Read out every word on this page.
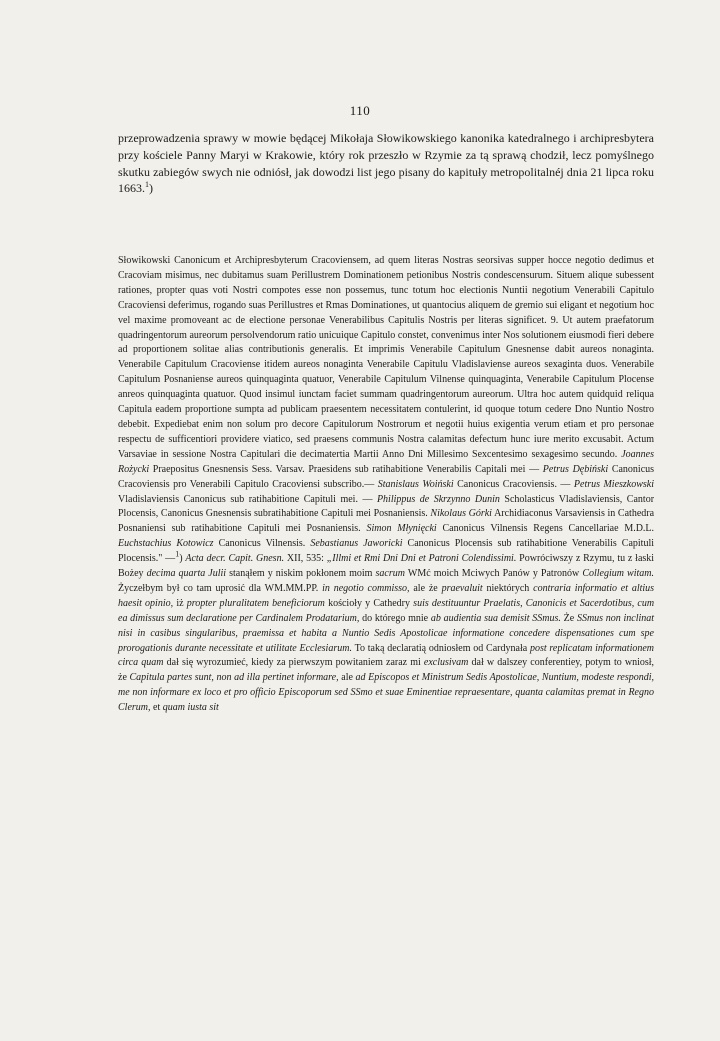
110

przeprowadzenia sprawy w mowie będącej Mikołaja Słowikowskiego kanonika katedralnego i archipresbytera przy kościele Panny Maryi w Krakowie, który rok przeszło w Rzymie za tą sprawą chodził, lecz pomyślnego skutku zabiegów swych nie odniósł, jak dowodzi list jego pisany do kapituły metropolitalnéj dnia 21 lipca roku 1663.$^1$)

Słowikowski Canonicum et Archipresbyterum Cracoviensem, ad quem literas Nostras seorsivas supper hocce negotio dedimus et Cracoviam misimus, nec dubitamus suam Perillustrem Dominationem petionibus Nostris condescensurum. Situem alique subessent rationes, propter quas voti Nostri compotes esse non possemus, tunc totum hoc electionis Nuntii negotium Venerabili Capitulo Cracoviensi deferimus, rogando suas Perillustres et Rmas Dominationes, ut quantocius aliquem de gremio sui eligant et negotium hoc vel maxime promoveant ac de electione personae Venerabilibus Capitulis Nostris per literas significet. 9. Ut autem praefatorum quadringentorum aureorum persolvendorum ratio unicuique Capitulo constet, convenimus inter Nos solutionem eiusmodi fieri debere ad proportionem solitae alias contributionis generalis. Et imprimis Venerabile Capitulum Gnesnense dabit aureos nonaginta. Venerabile Capitulum Cracoviense itidem aureos nonaginta Venerabile Capitulu Vladislaviense aureos sexaginta duos. Venerabile Capitulum Posnaniense aureos quinquaginta quatuor, Venerabile Capitulum Vilnense quinquaginta, Venerabile Capitulum Plocense anreos quinquaginta quatuor. Quod insimul iunctam faciet summam quadringentorum aureorum. Ultra hoc autem quidquid reliqua Capitula eadem proportione sumpta ad publicam praesentem necessitatem contulerint, id quoque totum cedere Dno Nuntio Nostro debebit. Expediebat enim non solum pro decore Capitulorum Nostrorum et negotii huius exigentia verum etiam et pro personae respectu de sufficentiori providere viatico, sed praesens communis Nostra calamitas defectum hunc iure merito excusabit. Actum Varsaviae in sessione Nostra Capitulari die decimatertia Martii Anno Dni Millesimo Sexcentesimo sexagesimo secundo. Joannes Rożycki Praepositus Gnesnensis Sess. Varsav. Praesidens sub ratihabitione Venerabilis Capitali mei — Petrus Dębiński Canonicus Cracoviensis pro Venerabili Capitulo Cracoviensi subscribo.— Stanislaus Woiński Canonicus Cracoviensis. — Petrus Mieszkowski Vladislaviensis Canonicus sub ratihabitione Capituli mei. — Philippus de Skrzynno Dunin Scholasticus Vladislaviensis, Cantor Plocensis, Canonicus Gnesnensis subratihabitione Capituli mei Posnaniensis. Nikolaus Górki Archidiaconus Varsaviensis in Cathedra Posnaniensi sub ratihabitione Capituli mei Posnaniensis. Simon Młynięcki Canonicus Vilnensis Regens Cancellariae M.D.L. Euchstachius Kotowicz Canonicus Vilnensis. Sebastianus Jaworicki Canonicus Plocensis sub ratihabitione Venerabilis Capituli Plocensis." —$^1$) Acta decr. Capit. Gnesn. XII, 535: „Illmi et Rmi Dni Dni et Patroni Colendissimi. Powróciwszy z Rzymu, tu z łaski Bożey decima quarta Julii stanąłem y niskim pokłonem moim sacrum WMć moich Mciwych Panów y Patronów Collegium witam. Życzełbym był co tam uprosić dla WM.MM.PP. in negotio commisso, ale że praevaluit niektórych contraria informatio et altius haesit opinio, iż propter pluralitatem beneficiorum kościoły y Cathedry suis destituuntur Praelatis, Canonicis et Sacerdotibus, cum ea dimissus sum declaratione per Cardinalem Prodatarium, do którego mnie ab audientia sua demisit SSmus. Że SSmus non inclinat nisi in casibus singularibus, praemissa et habita a Nuntio Sedis Apostolicae informatione concedere dispensationes cum spe prorogationis durante necessitate et utilitate Ecclesiarum. To taką declaratią odniosłem od Cardynała post replicatam informationem circa quam dał się wyrozumieć, kiedy za pierwszym powitaniem zaraz mi exclusivam dał w dalszey conferentiey, potym to wniosł, że Capitula partes sunt, non ad illa pertinet informare, ale ad Episcopos et Ministrum Sedis Apostolicae, Nuntium, modeste respondi, me non informare ex loco et pro officio Episcoporum sed SSmo et suae Eminentiae repraesentare, quanta calamitas premat in Regno Clerum, et quam iusta sit
